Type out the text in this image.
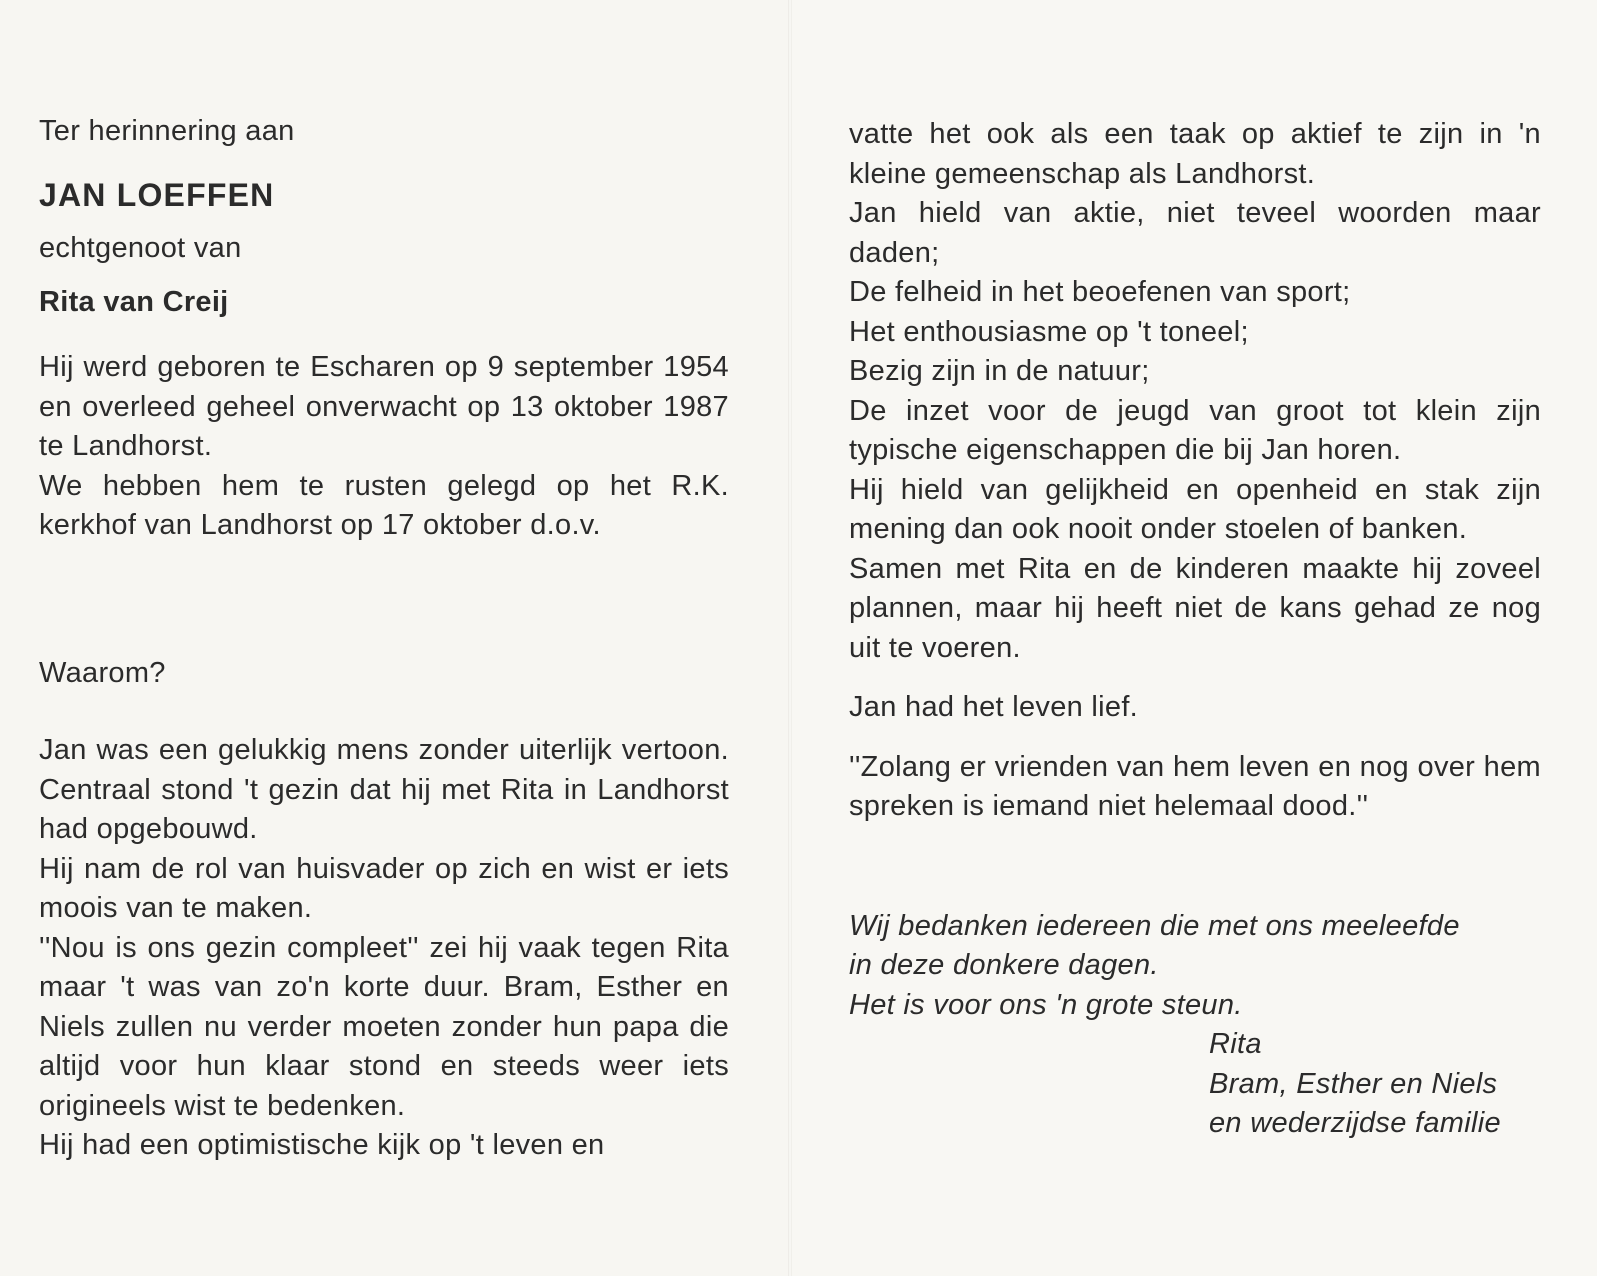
Ter herinnering aan

JAN LOEFFEN

echtgenoot van

Rita van Creij

Hij werd geboren te Escharen op 9 september 1954 en overleed geheel onverwacht op 13 oktober 1987 te Landhorst.

We hebben hem te rusten gelegd op het R.K. kerkhof van Landhorst op 17 oktober d.o.v.

Waarom?

Jan was een gelukkig mens zonder uiterlijk vertoon. Centraal stond 't gezin dat hij met Rita in Landhorst had opgebouwd.

Hij nam de rol van huisvader op zich en wist er iets moois van te maken.

''Nou is ons gezin compleet'' zei hij vaak tegen Rita maar 't was van zo'n korte duur. Bram, Esther en Niels zullen nu verder moeten zonder hun papa die altijd voor hun klaar stond en steeds weer iets origineels wist te bedenken.

Hij had een optimistische kijk op 't leven en

vatte het ook als een taak op aktief te zijn in 'n kleine gemeenschap als Landhorst.

Jan hield van aktie, niet teveel woorden maar daden;

De felheid in het beoefenen van sport;

Het enthousiasme op 't toneel;

Bezig zijn in de natuur;

De inzet voor de jeugd van groot tot klein zijn typische eigenschappen die bij Jan horen.

Hij hield van gelijkheid en openheid en stak zijn mening dan ook nooit onder stoelen of banken.

Samen met Rita en de kinderen maakte hij zoveel plannen, maar hij heeft niet de kans gehad ze nog uit te voeren.

Jan had het leven lief.

''Zolang er vrienden van hem leven en nog over hem spreken is iemand niet helemaal dood.''

Wij bedanken iedereen die met ons meeleefde
in deze donkere dagen.
Het is voor ons 'n grote steun.
Rita
Bram, Esther en Niels
en wederzijdse familie
